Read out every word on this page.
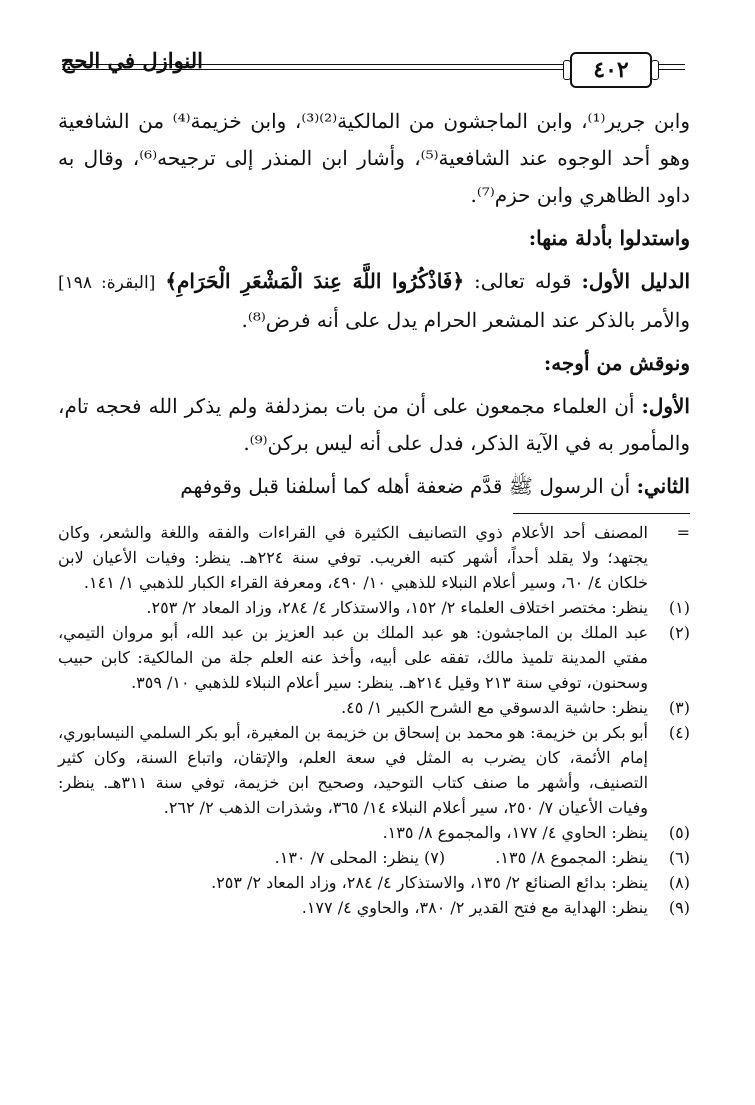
النوازل في الحج	٤٠٢

وابن جرير⁽¹⁾، وابن الماجشون من المالكية⁽²⁾⁽³⁾، وابن خزيمة⁽⁴⁾ من الشافعية وهو أحد الوجوه عند الشافعية⁽⁵⁾، وأشار ابن المنذر إلى ترجيحه⁽⁶⁾، وقال به داود الظاهري وابن حزم⁽⁷⁾.

واستدلوا بأدلة منها:

الدليل الأول: قوله تعالى: ﴿فَاذْكُرُوا اللَّهَ عِندَ الْمَشْعَرِ الْحَرَامِ﴾ [البقرة: ١٩٨] والأمر بالذكر عند المشعر الحرام يدل على أنه فرض⁽⁸⁾.

ونوقش من أوجه:

الأول: أن العلماء مجمعون على أن من بات بمزدلفة ولم يذكر الله فحجه تام، والمأمور به في الآية الذكر، فدل على أنه ليس بركن⁽⁹⁾.

الثاني: أن الرسول ﷺ قدَّم ضعفة أهله كما أسلفنا قبل وقوفهم

=
المصنف أحد الأعلام ذوي التصانيف الكثيرة في القراءات والفقه واللغة والشعر، وكان يجتهد؛ ولا يقلد أحداً، أشهر كتبه الغريب. توفي سنة ٢٢٤هـ. ينظر: وفيات الأعيان لابن خلكان ٤/ ٦٠، وسير أعلام النبلاء للذهبي ١٠/ ٤٩٠، ومعرفة القراء الكبار للذهبي ١/ ١٤١.

(١)
ينظر: مختصر اختلاف العلماء ٢/ ١٥٢، والاستذكار ٤/ ٢٨٤، وزاد المعاد ٢/ ٢٥٣.

(٢)
عبد الملك بن الماجشون: هو عبد الملك بن عبد العزيز بن عبد الله، أبو مروان التيمي، مفتي المدينة تلميذ مالك، تفقه على أبيه، وأخذ عنه العلم جلة من المالكية: كابن حبيب وسحنون، توفي سنة ٢١٣ وقيل ٢١٤هـ. ينظر: سير أعلام النبلاء للذهبي ١٠/ ٣٥٩.

(٣)
ينظر: حاشية الدسوقي مع الشرح الكبير ١/ ٤٥.

(٤)
أبو بكر بن خزيمة: هو محمد بن إسحاق بن خزيمة بن المغيرة، أبو بكر السلمي النيسابوري، إمام الأئمة، كان يضرب به المثل في سعة العلم، والإتقان، واتباع السنة، وكان كثير التصنيف، وأشهر ما صنف كتاب التوحيد، وصحيح ابن خزيمة، توفي سنة ٣١١هـ. ينظر: وفيات الأعيان ٧/ ٢٥٠، سير أعلام النبلاء ١٤/ ٣٦٥، وشذرات الذهب ٢/ ٢٦٢.

(٥)
ينظر: الحاوي ٤/ ١٧٧، والمجموع ٨/ ١٣٥.

(٦)
ينظر: المجموع ٨/ ١٣٥.  (٧) ينظر: المحلى ٧/ ١٣٠.

(٨)
ينظر: بدائع الصنائع ٢/ ١٣٥، والاستذكار ٤/ ٢٨٤، وزاد المعاد ٢/ ٢٥٣.

(٩)
ينظر: الهداية مع فتح القدير ٢/ ٣٨٠، والحاوي ٤/ ١٧٧.
